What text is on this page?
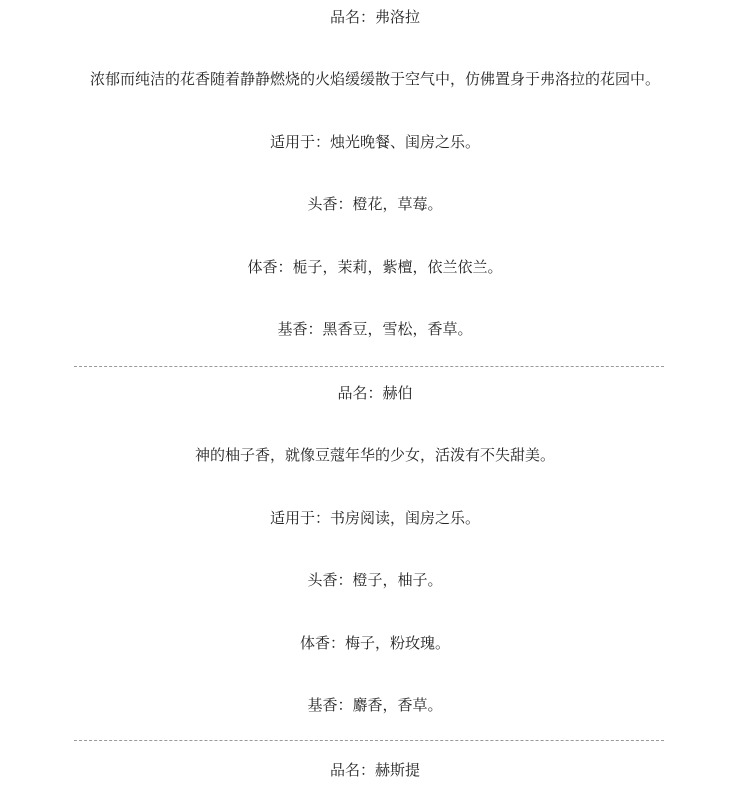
品名：弗洛拉
浓郁而纯洁的花香随着静静燃烧的火焰缓缓散于空气中，仿佛置身于弗洛拉的花园中。
适用于：烛光晚餐、闺房之乐。
头香：橙花，草莓。
体香：栀子，茉莉，紫檀，依兰依兰。
基香：黑香豆，雪松，香草。
品名：赫伯
神的柚子香，就像豆蔻年华的少女，活泼有不失甜美。
适用于：书房阅读，闺房之乐。
头香：橙子，柚子。
体香：梅子，粉玫瑰。
基香：麝香，香草。
品名：赫斯提
